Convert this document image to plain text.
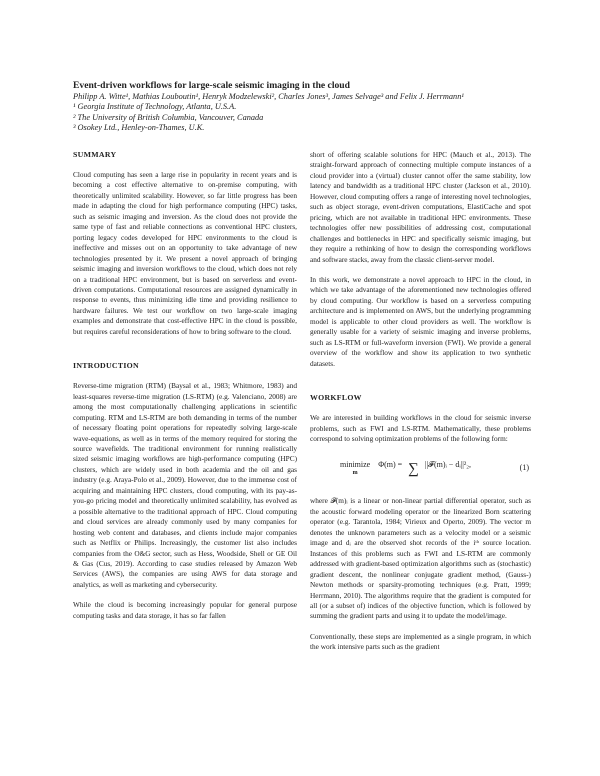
Event-driven workflows for large-scale seismic imaging in the cloud
Philipp A. Witte¹, Mathias Louboutin¹, Henryk Modzelewski², Charles Jones³, James Selvage³ and Felix J. Herrmann¹
¹ Georgia Institute of Technology, Atlanta, U.S.A.
² The University of British Columbia, Vancouver, Canada
³ Osokey Ltd., Henley-on-Thames, U.K.
SUMMARY

Cloud computing has seen a large rise in popularity in recent years and is becoming a cost effective alternative to on-premise computing, with theoretically unlimited scalability. However, so far little progress has been made in adapting the cloud for high performance computing (HPC) tasks, such as seismic imaging and inversion. As the cloud does not provide the same type of fast and reliable connections as conventional HPC clusters, porting legacy codes developed for HPC environments to the cloud is ineffective and misses out on an opportunity to take advantage of new technologies presented by it. We present a novel approach of bringing seismic imaging and inversion workflows to the cloud, which does not rely on a traditional HPC environment, but is based on serverless and event-driven computations. Computational resources are assigned dynamically in response to events, thus minimizing idle time and providing resilience to hardware failures. We test our workflow on two large-scale imaging examples and demonstrate that cost-effective HPC in the cloud is possible, but requires careful reconsiderations of how to bring software to the cloud.

INTRODUCTION

Reverse-time migration (RTM) (Baysal et al., 1983; Whitmore, 1983) and least-squares reverse-time migration (LS-RTM) (e.g. Valenciano, 2008) are among the most computationally challenging applications in scientific computing. RTM and LS-RTM are both demanding in terms of the number of necessary floating point operations for repeatedly solving large-scale wave-equations, as well as in terms of the memory required for storing the source wavefields. The traditional environment for running realistically sized seismic imaging workflows are high-performance computing (HPC) clusters, which are widely used in both academia and the oil and gas industry (e.g. Araya-Polo et al., 2009). However, due to the immense cost of acquiring and maintaining HPC clusters, cloud computing, with its pay-as-you-go pricing model and theoretically unlimited scalability, has evolved as a possible alternative to the traditional approach of HPC. Cloud computing and cloud services are already commonly used by many companies for hosting web content and databases, and clients include major companies such as Netflix or Philips. Increasingly, the customer list also includes companies from the O&G sector, such as Hess, Woodside, Shell or GE Oil & Gas (Cus, 2019). According to case studies released by Amazon Web Services (AWS), the companies are using AWS for data storage and analytics, as well as marketing and cybersecurity.

While the cloud is becoming increasingly popular for general purpose computing tasks and data storage, it has so far fallen

short of offering scalable solutions for HPC (Mauch et al., 2013). The straight-forward approach of connecting multiple compute instances of a cloud provider into a (virtual) cluster cannot offer the same stability, low latency and bandwidth as a traditional HPC cluster (Jackson et al., 2010). However, cloud computing offers a range of interesting novel technologies, such as object storage, event-driven computations, ElastiCache and spot pricing, which are not available in traditional HPC environments. These technologies offer new possibilities of addressing cost, computational challenges and bottlenecks in HPC and specifically seismic imaging, but they require a rethinking of how to design the corresponding workflows and software stacks, away from the classic client-server model.

In this work, we demonstrate a novel approach to HPC in the cloud, in which we take advantage of the aforementioned new technologies offered by cloud computing. Our workflow is based on a serverless computing architecture and is implemented on AWS, but the underlying programming model is applicable to other cloud providers as well. The workflow is generally usable for a variety of seismic imaging and inverse problems, such as LS-RTM or full-waveform inversion (FWI). We provide a general overview of the workflow and show its application to two synthetic datasets.

WORKFLOW

We are interested in building workflows in the cloud for seismic inverse problems, such as FWI and LS-RTM. Mathematically, these problems correspond to solving optimization problems of the following form:

minimize
m
Φ(m) = ∑ ||𝓕(m)ᵢ − dᵢ||²₂,	(1)

where 𝓕(m)ᵢ is a linear or non-linear partial differential operator, such as the acoustic forward modeling operator or the linearized Born scattering operator (e.g. Tarantola, 1984; Virieux and Operto, 2009). The vector m denotes the unknown parameters such as a velocity model or a seismic image and dᵢ are the observed shot records of the iᵗʰ source location. Instances of this problems such as FWI and LS-RTM are commonly addressed with gradient-based optimization algorithms such as (stochastic) gradient descent, the nonlinear conjugate gradient method, (Gauss-) Newton methods or sparsity-promoting techniques (e.g. Pratt, 1999; Herrmann, 2010). The algorithms require that the gradient is computed for all (or a subset of) indices of the objective function, which is followed by summing the gradient parts and using it to update the model/image.

Conventionally, these steps are implemented as a single program, in which the work intensive parts such as the gradient
